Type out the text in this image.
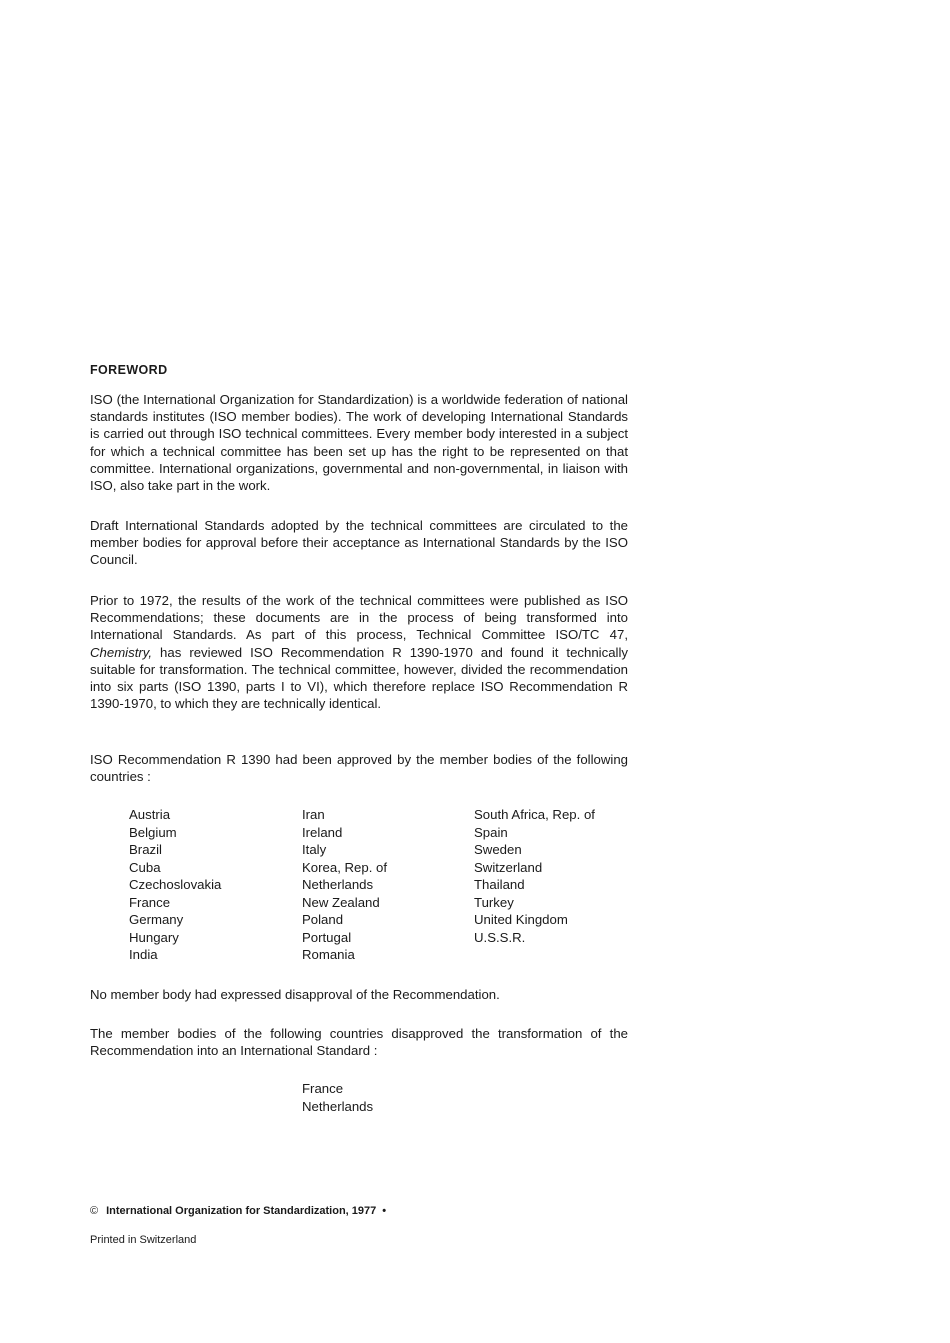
FOREWORD

ISO (the International Organization for Standardization) is a worldwide federation of national standards institutes (ISO member bodies). The work of developing International Standards is carried out through ISO technical committees. Every member body interested in a subject for which a technical committee has been set up has the right to be represented on that committee. International organizations, governmental and non-governmental, in liaison with ISO, also take part in the work.

Draft International Standards adopted by the technical committees are circulated to the member bodies for approval before their acceptance as International Standards by the ISO Council.

Prior to 1972, the results of the work of the technical committees were published as ISO Recommendations; these documents are in the process of being transformed into International Standards. As part of this process, Technical Committee ISO/TC 47, Chemistry, has reviewed ISO Recommendation R 1390-1970 and found it technically suitable for transformation. The technical committee, however, divided the recommendation into six parts (ISO 1390, parts I to VI), which therefore replace ISO Recommendation R 1390-1970, to which they are technically identical.

ISO Recommendation R 1390 had been approved by the member bodies of the following countries :

Austria
Belgium
Brazil
Cuba
Czechoslovakia
France
Germany
Hungary
India
Iran
Ireland
Italy
Korea, Rep. of
Netherlands
New Zealand
Poland
Portugal
Romania
South Africa, Rep. of
Spain
Sweden
Switzerland
Thailand
Turkey
United Kingdom
U.S.S.R.

No member body had expressed disapproval of the Recommendation.

The member bodies of the following countries disapproved the transformation of the Recommendation into an International Standard :

France
Netherlands
© International Organization for Standardization, 1977 •
Printed in Switzerland
